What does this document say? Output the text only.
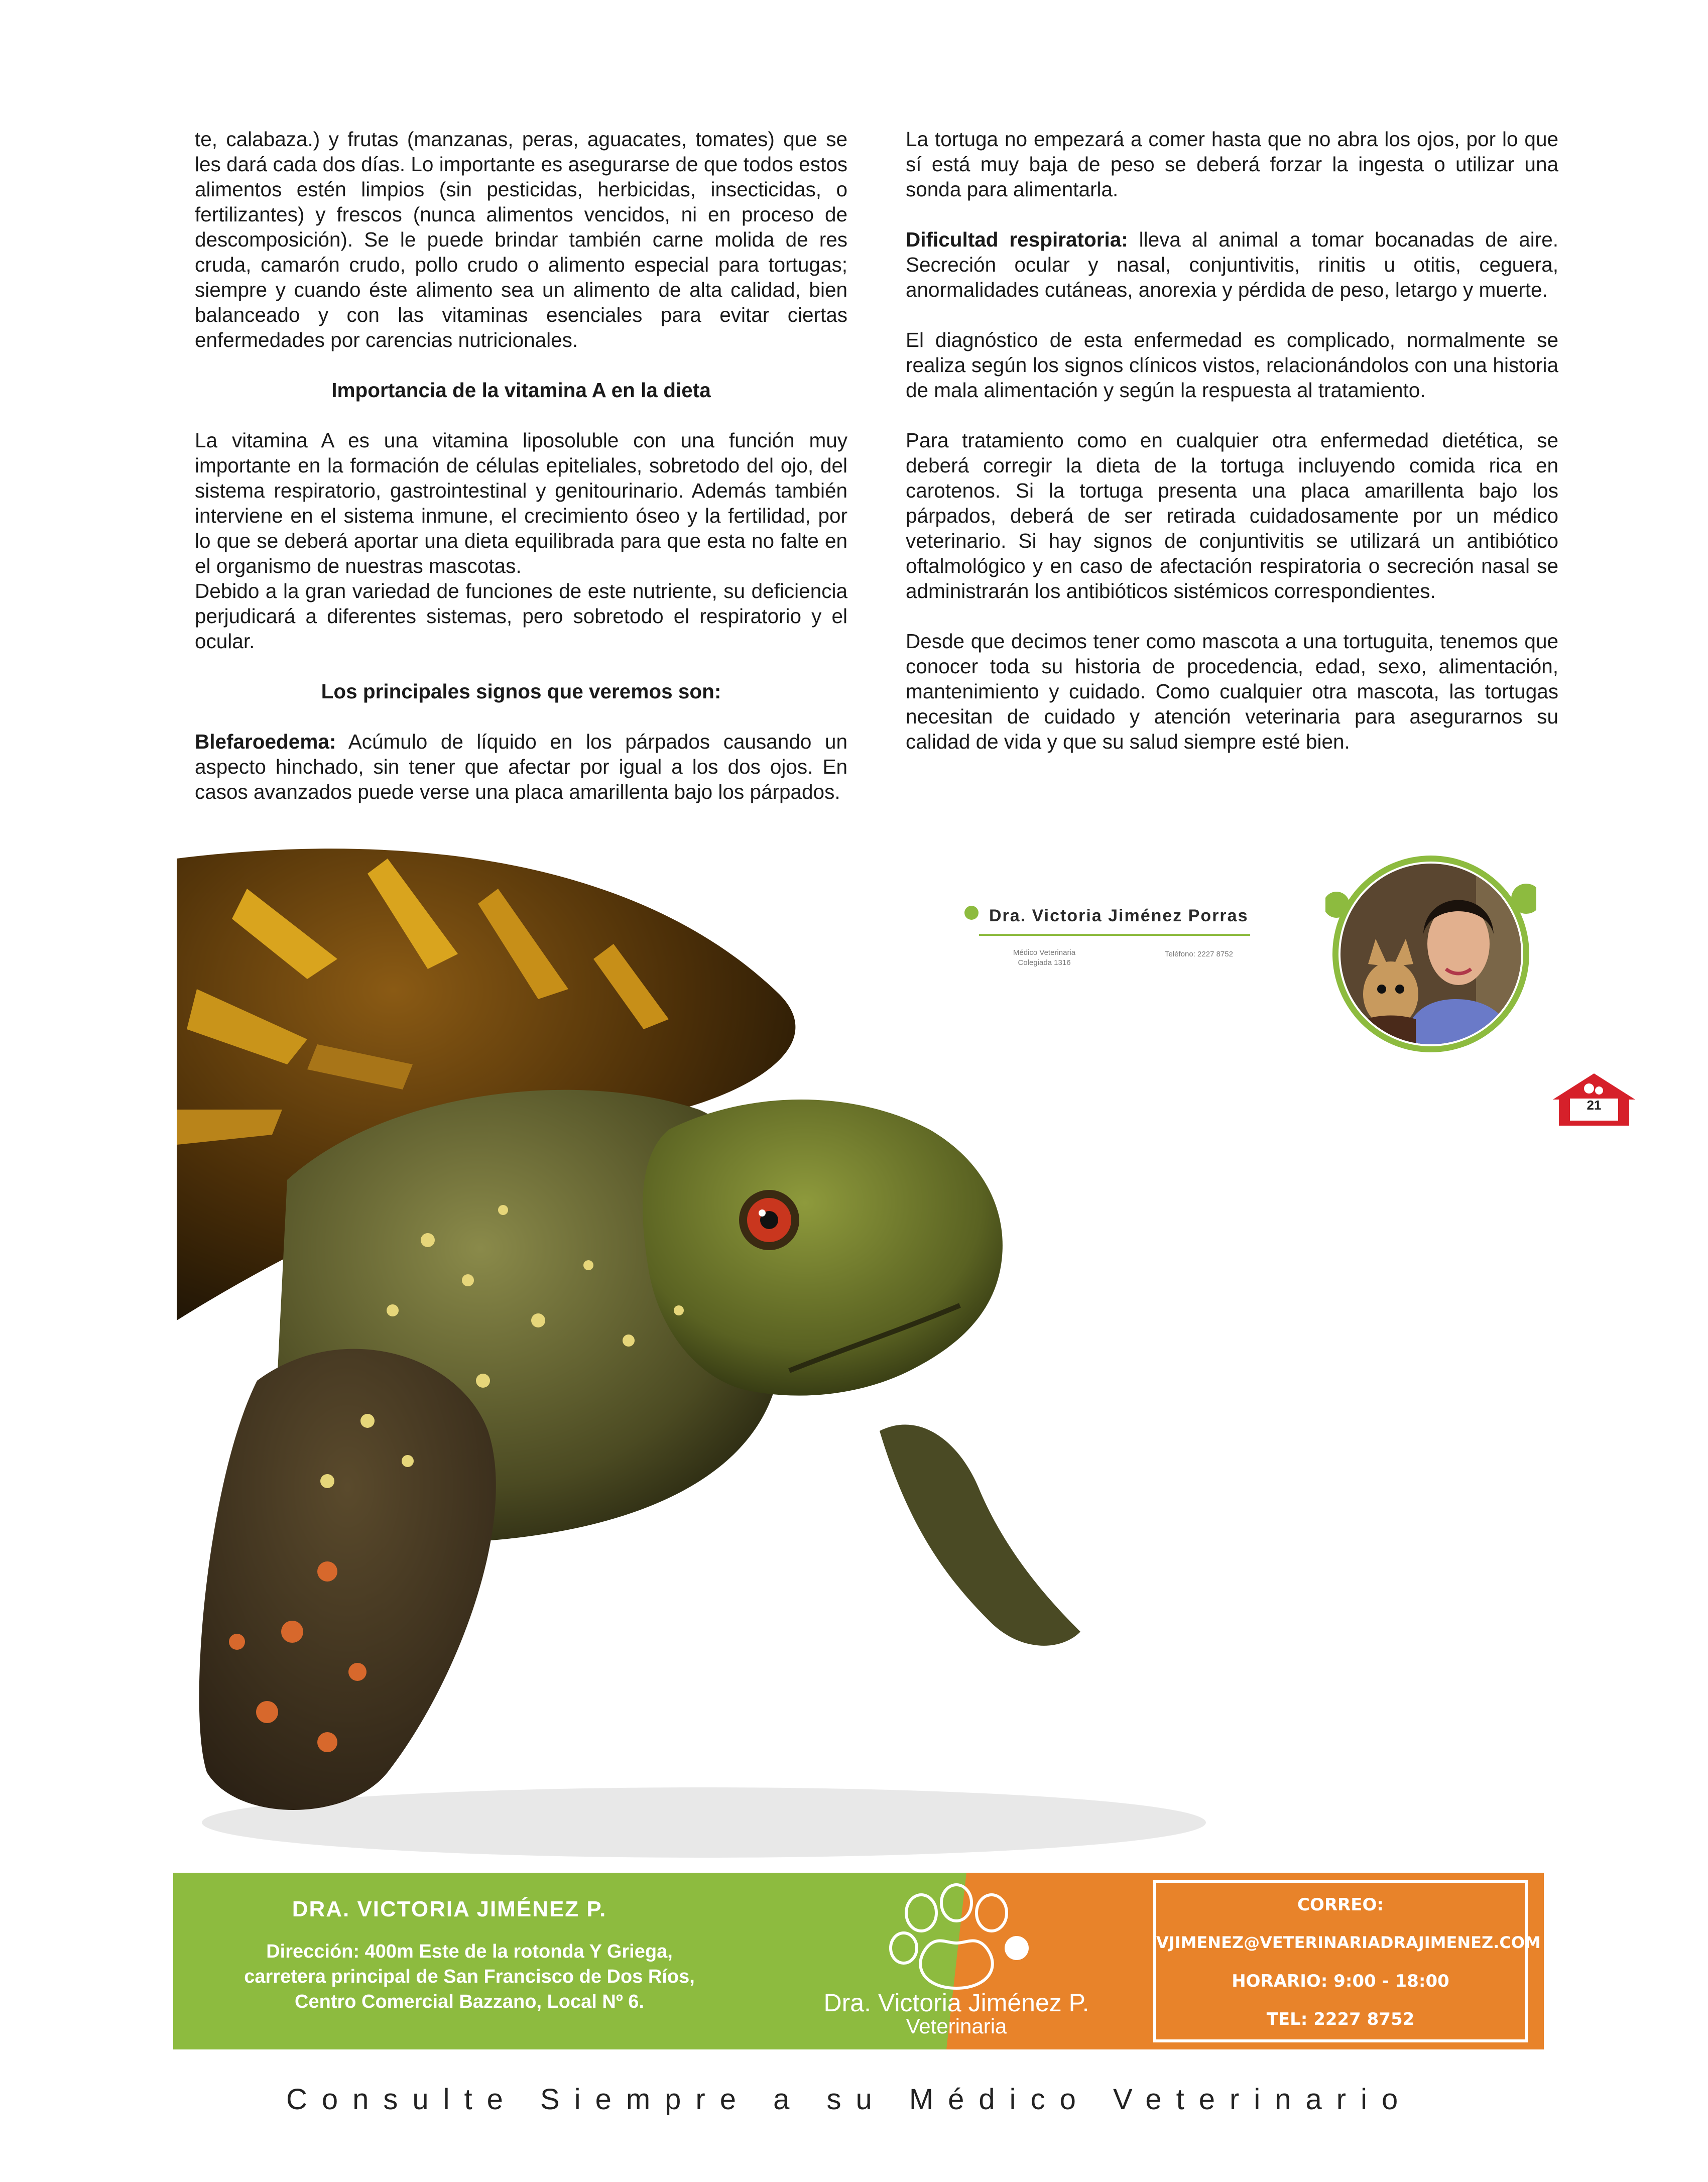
te, calabaza.) y frutas (manzanas, peras, aguacates, tomates) que se les dará cada dos días. Lo importante es asegurarse de que todos estos alimentos estén limpios (sin pesticidas, herbicidas, insecticidas, o fertilizantes) y frescos (nunca alimentos vencidos, ni en proceso de descomposición). Se le puede brindar también carne molida de res cruda, camarón crudo, pollo crudo o alimento especial para tortugas; siempre y cuando éste alimento sea un alimento de alta calidad, bien balanceado y con las vitaminas esenciales para evitar ciertas enfermedades por carencias nutricionales.

Importancia de la vitamina A en la dieta

La vitamina A es una vitamina liposoluble con una función muy importante en la formación de células epiteliales, sobretodo del ojo, del sistema respiratorio, gastrointestinal y genitourinario. Además también interviene en el sistema inmune, el crecimiento óseo y la fertilidad, por lo que se deberá aportar una dieta equilibrada para que esta no falte en el organismo de nuestras mascotas.

Debido a la gran variedad de funciones de este nutriente, su deficiencia perjudicará a diferentes sistemas, pero sobretodo el respiratorio y el ocular.

Los principales signos que veremos son:

Blefaroedema: Acúmulo de líquido en los párpados causando un aspecto hinchado, sin tener que afectar por igual a los dos ojos. En casos avanzados puede verse una placa amarillenta bajo los párpados.

La tortuga no empezará a comer hasta que no abra los ojos, por lo que sí está muy baja de peso se deberá forzar la ingesta o utilizar una sonda para alimentarla.

Dificultad respiratoria: lleva al animal a tomar bocanadas de aire. Secreción ocular y nasal, conjuntivitis, rinitis u otitis, ceguera, anormalidades cutáneas, anorexia y pérdida de peso, letargo y muerte.

El diagnóstico de esta enfermedad es complicado, normalmente se realiza según los signos clínicos vistos, relacionándolos con una historia de mala alimentación y según la respuesta al tratamiento.

Para tratamiento como en cualquier otra enfermedad dietética, se deberá corregir la dieta de la tortuga incluyendo comida rica en carotenos. Si la tortuga presenta una placa amarillenta bajo los párpados, deberá de ser retirada cuidadosamente por un médico veterinario. Si hay signos de conjuntivitis se utilizará un antibiótico oftalmológico y en caso de afectación respiratoria o secreción nasal se administrarán los antibióticos sistémicos correspondientes.

Desde que decimos tener como mascota a una tortuguita, tenemos que conocer toda su historia de procedencia, edad, sexo, alimentación, mantenimiento y cuidado. Como cualquier otra mascota, las tortugas necesitan de cuidado y atención veterinaria para asegurarnos su calidad de vida y que su salud siempre esté bien.

Dra. Victoria Jiménez Porras
Médico Veterinaria
Colegiada 1316
Teléfono: 2227 8752
21
DRA. VICTORIA JIMÉNEZ P.
Dirección: 400m Este de la rotonda Y Griega,
carretera principal de San Francisco de Dos Ríos,
Centro Comercial Bazzano, Local Nº 6.	Dra. Victoria Jiménez P.
Veterinaria
CORREO:
VJIMENEZ@VETERINARIADRAJIMENEZ.COM
HORARIO: 9:00 - 18:00
TEL: 2227 8752
Consulte Siempre a su Médico Veterinario
